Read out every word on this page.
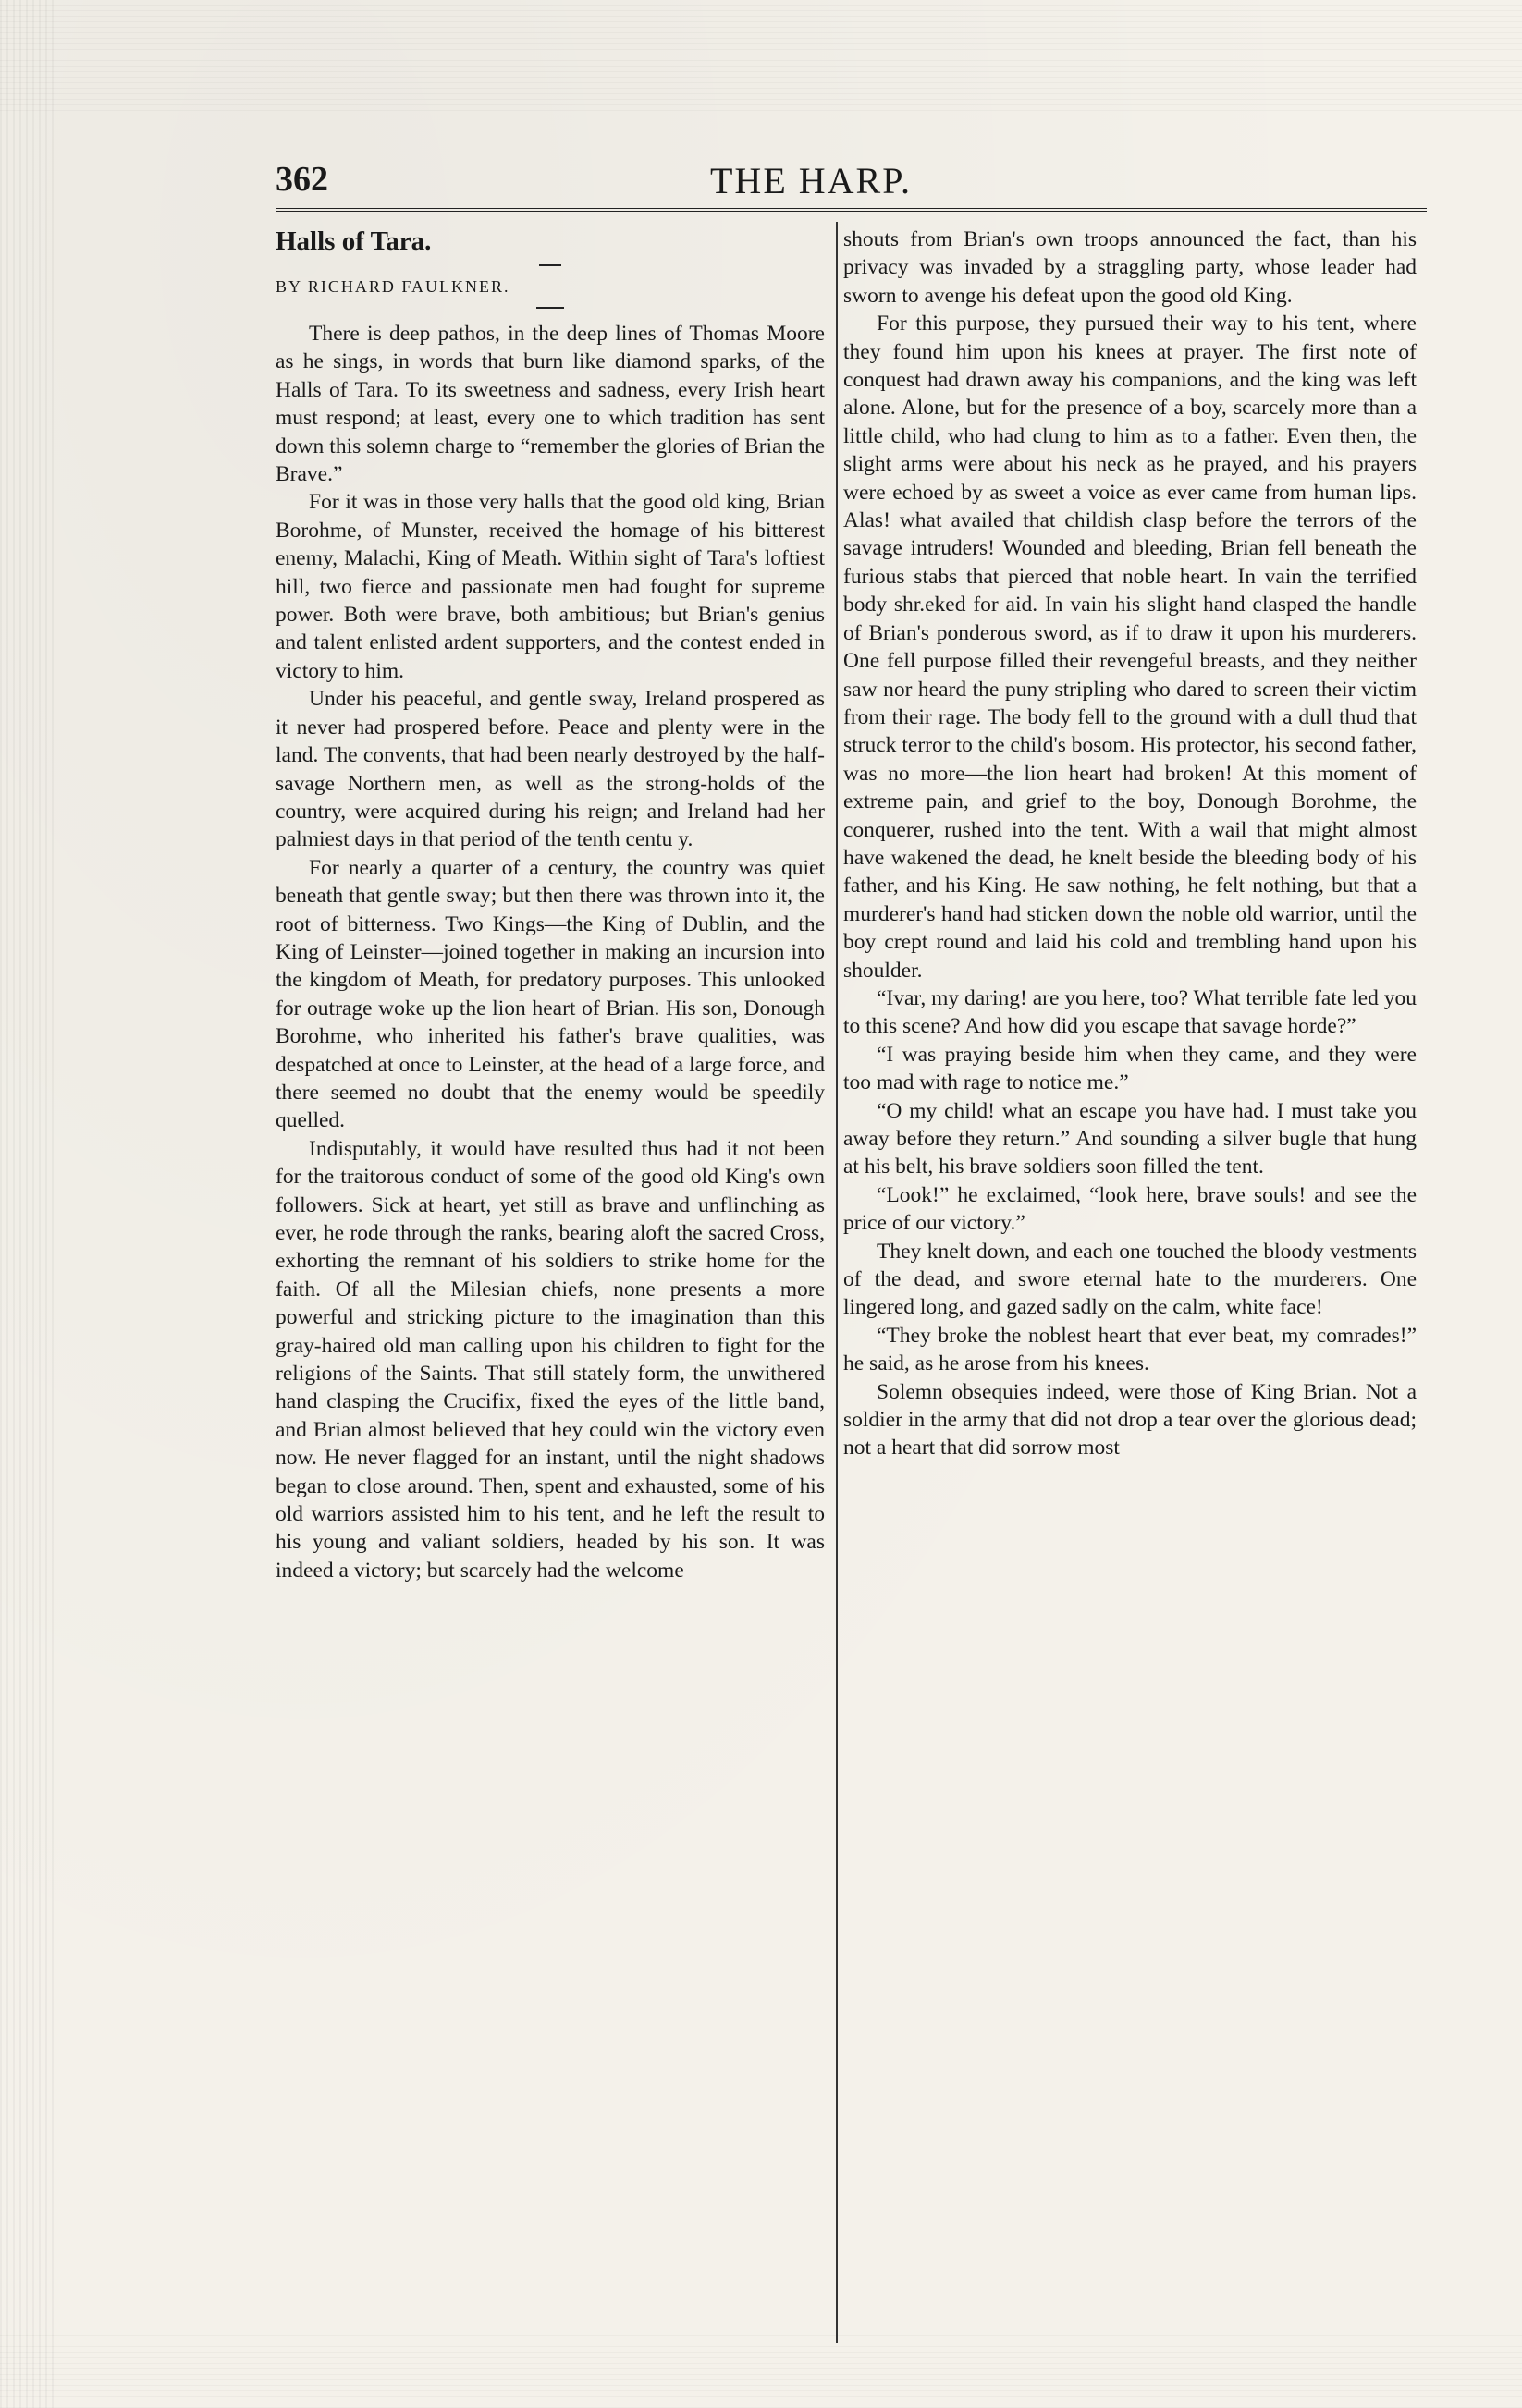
362	THE HARP.
Halls of Tara.
BY RICHARD FAULKNER.

There is deep pathos, in the deep lines of Thomas Moore as he sings, in words that burn like diamond sparks, of the Halls of Tara. To its sweetness and sadness, every Irish heart must respond; at least, every one to which tradition has sent down this solemn charge to “remember the glories of Brian the Brave.”

For it was in those very halls that the good old king, Brian Borohme, of Munster, received the homage of his bitterest enemy, Malachi, King of Meath. Within sight of Tara's loftiest hill, two fierce and passionate men had fought for supreme power. Both were brave, both ambitious; but Brian's genius and talent enlisted ardent supporters, and the contest ended in victory to him.

Under his peaceful, and gentle sway, Ireland prospered as it never had prospered before. Peace and plenty were in the land. The convents, that had been nearly destroyed by the half-savage Northern men, as well as the strong-holds of the country, were acquired during his reign; and Ireland had her palmiest days in that period of the tenth centu y.

For nearly a quarter of a century, the country was quiet beneath that gentle sway; but then there was thrown into it, the root of bitterness. Two Kings—the King of Dublin, and the King of Leinster—joined together in making an incursion into the kingdom of Meath, for predatory purposes. This unlooked for outrage woke up the lion heart of Brian. His son, Donough Borohme, who inherited his father's brave qualities, was despatched at once to Leinster, at the head of a large force, and there seemed no doubt that the enemy would be speedily quelled.

Indisputably, it would have resulted thus had it not been for the traitorous conduct of some of the good old King's own followers. Sick at heart, yet still as brave and unflinching as ever, he rode through the ranks, bearing aloft the sacred Cross, exhorting the remnant of his soldiers to strike home for the faith. Of all the Milesian chiefs, none presents a more powerful and stricking picture to the imagination than this gray-haired old man calling upon his children to fight for the religions of the Saints. That still stately form, the unwithered hand clasping the Crucifix, fixed the eyes of the little band, and Brian almost believed that hey could win the victory even now. He never flagged for an instant, until the night shadows began to close around. Then, spent and exhausted, some of his old warriors assisted him to his tent, and he left the result to his young and valiant soldiers, headed by his son. It was indeed a victory; but scarcely had the welcome

shouts from Brian's own troops announced the fact, than his privacy was invaded by a straggling party, whose leader had sworn to avenge his defeat upon the good old King.

For this purpose, they pursued their way to his tent, where they found him upon his knees at prayer. The first note of conquest had drawn away his companions, and the king was left alone. Alone, but for the presence of a boy, scarcely more than a little child, who had clung to him as to a father. Even then, the slight arms were about his neck as he prayed, and his prayers were echoed by as sweet a voice as ever came from human lips. Alas! what availed that childish clasp before the terrors of the savage intruders! Wounded and bleeding, Brian fell beneath the furious stabs that pierced that noble heart. In vain the terrified body shr.eked for aid. In vain his slight hand clasped the handle of Brian's ponderous sword, as if to draw it upon his murderers. One fell purpose filled their revengeful breasts, and they neither saw nor heard the puny stripling who dared to screen their victim from their rage. The body fell to the ground with a dull thud that struck terror to the child's bosom. His protector, his second father, was no more—the lion heart had broken! At this moment of extreme pain, and grief to the boy, Donough Borohme, the conquerer, rushed into the tent. With a wail that might almost have wakened the dead, he knelt beside the bleeding body of his father, and his King. He saw nothing, he felt nothing, but that a murderer's hand had sticken down the noble old warrior, until the boy crept round and laid his cold and trembling hand upon his shoulder.

“Ivar, my daring! are you here, too? What terrible fate led you to this scene? And how did you escape that savage horde?”

“I was praying beside him when they came, and they were too mad with rage to notice me.”

“O my child! what an escape you have had. I must take you away before they return.” And sounding a silver bugle that hung at his belt, his brave soldiers soon filled the tent.

“Look!” he exclaimed, “look here, brave souls! and see the price of our victory.”

They knelt down, and each one touched the bloody vestments of the dead, and swore eternal hate to the murderers. One lingered long, and gazed sadly on the calm, white face!

“They broke the noblest heart that ever beat, my comrades!” he said, as he arose from his knees.

Solemn obsequies indeed, were those of King Brian. Not a soldier in the army that did not drop a tear over the glorious dead; not a heart that did sorrow most
